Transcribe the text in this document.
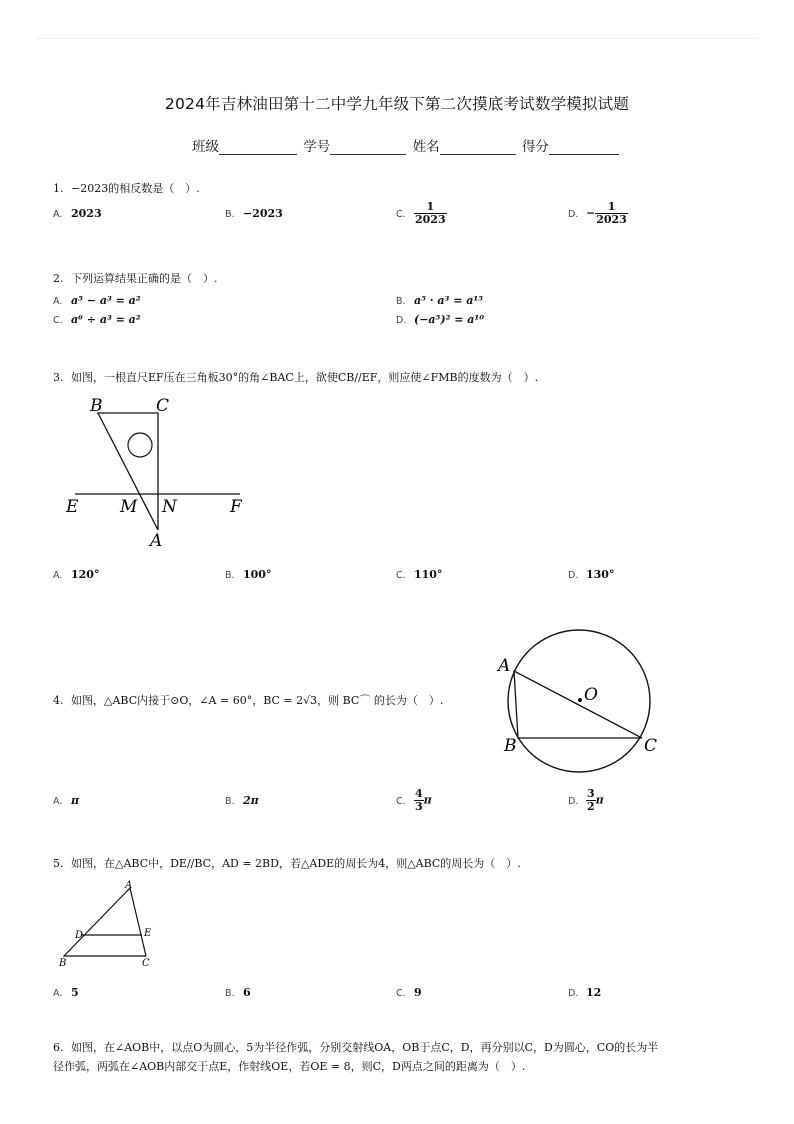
2024年吉林油田第十二中学九年级下第二次摸底考试数学模拟试题
班级	学号	姓名	得分
1. −2023的相反数是（　）.
A. 2023	B. −2023	C. $\frac{1}{2023}$	D. − $\frac{1}{2023}$
2. 下列运算结果正确的是（　）.
A. a⁵ − a³ = a²	B. a⁵ · a³ = a¹⁵
C. a⁶ ÷ a³ = a²	D. (−a⁵)² = a¹⁰
3. 如图，一根直尺EF压在三角板30°的角∠BAC上，欲使CB//EF，则应使∠FMB的度数为（　）.
B	C
E M N	F
A
A. 120°	B. 100°	C. 110°	D. 130°
4. 如图，△ABC内接于⊙O，∠A = 60°，BC = 2√3，则 BC⌒ 的长为（　）.
A
O
B	C
A. π	B. 2π	C. $\frac{4}{3}$ π	D. $\frac{3}{2}$ π
5. 如图，在△ABC中，DE//BC，AD = 2BD，若△ADE的周长为4，则△ABC的周长为（　）.
A
D	E
B	C
A. 5	B. 6	C. 9	D. 12
6. 如图，在∠AOB中，以点O为圆心，5为半径作弧，分别交射线OA，OB于点C，D，再分别以C，D为圆心，CO的长为半
径作弧，两弧在∠AOB内部交于点E，作射线OE，若OE = 8，则C，D两点之间的距离为（　）.
